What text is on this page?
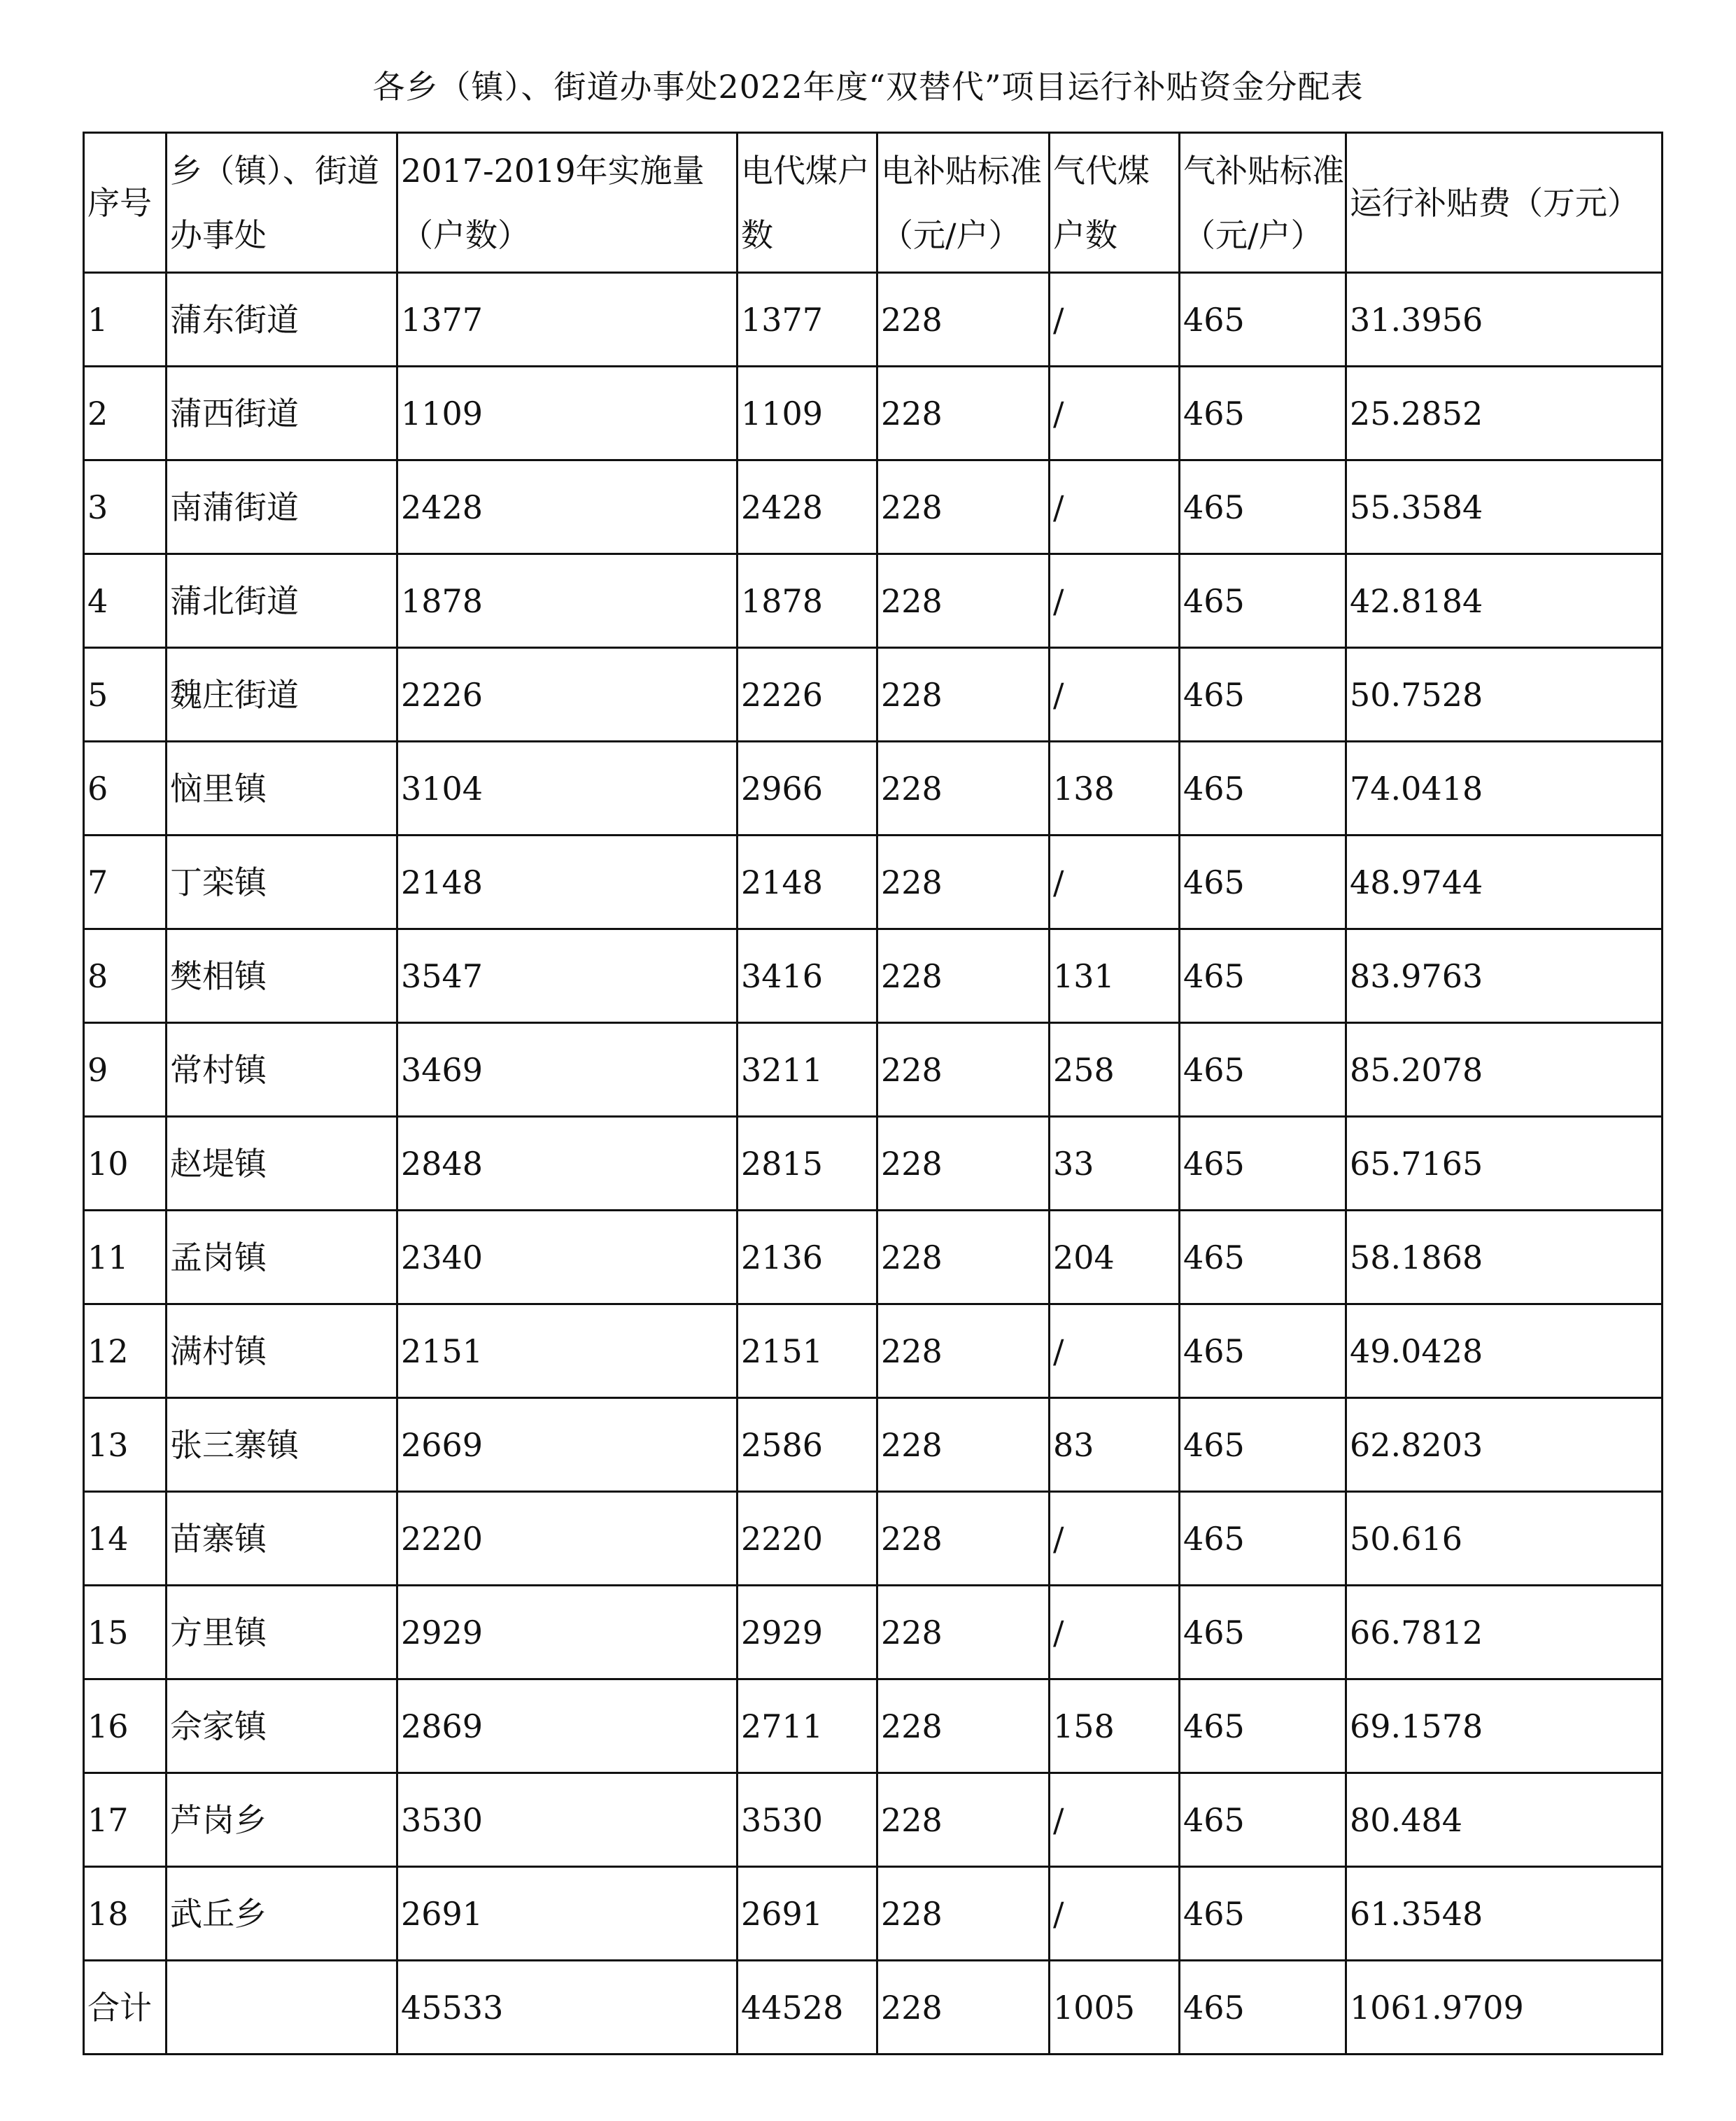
各乡（镇）、街道办事处2022年度“双替代”项目运行补贴资金分配表
序号	乡（镇）、街道办事处	2017-2019年实施量（户数）	电代煤户数	电补贴标准（元/户）	气代煤户数	气补贴标准（元/户）	运行补贴费（万元）
1	蒲东街道	1377	1377	228	/	465	31.3956
2	蒲西街道	1109	1109	228	/	465	25.2852
3	南蒲街道	2428	2428	228	/	465	55.3584
4	蒲北街道	1878	1878	228	/	465	42.8184
5	魏庄街道	2226	2226	228	/	465	50.7528
6	恼里镇	3104	2966	228	138	465	74.0418
7	丁栾镇	2148	2148	228	/	465	48.9744
8	樊相镇	3547	3416	228	131	465	83.9763
9	常村镇	3469	3211	228	258	465	85.2078
10	赵堤镇	2848	2815	228	33	465	65.7165
11	孟岗镇	2340	2136	228	204	465	58.1868
12	满村镇	2151	2151	228	/	465	49.0428
13	张三寨镇	2669	2586	228	83	465	62.8203
14	苗寨镇	2220	2220	228	/	465	50.616
15	方里镇	2929	2929	228	/	465	66.7812
16	佘家镇	2869	2711	228	158	465	69.1578
17	芦岗乡	3530	3530	228	/	465	80.484
18	武丘乡	2691	2691	228	/	465	61.3548
合计		45533	44528	228	1005	465	1061.9709
